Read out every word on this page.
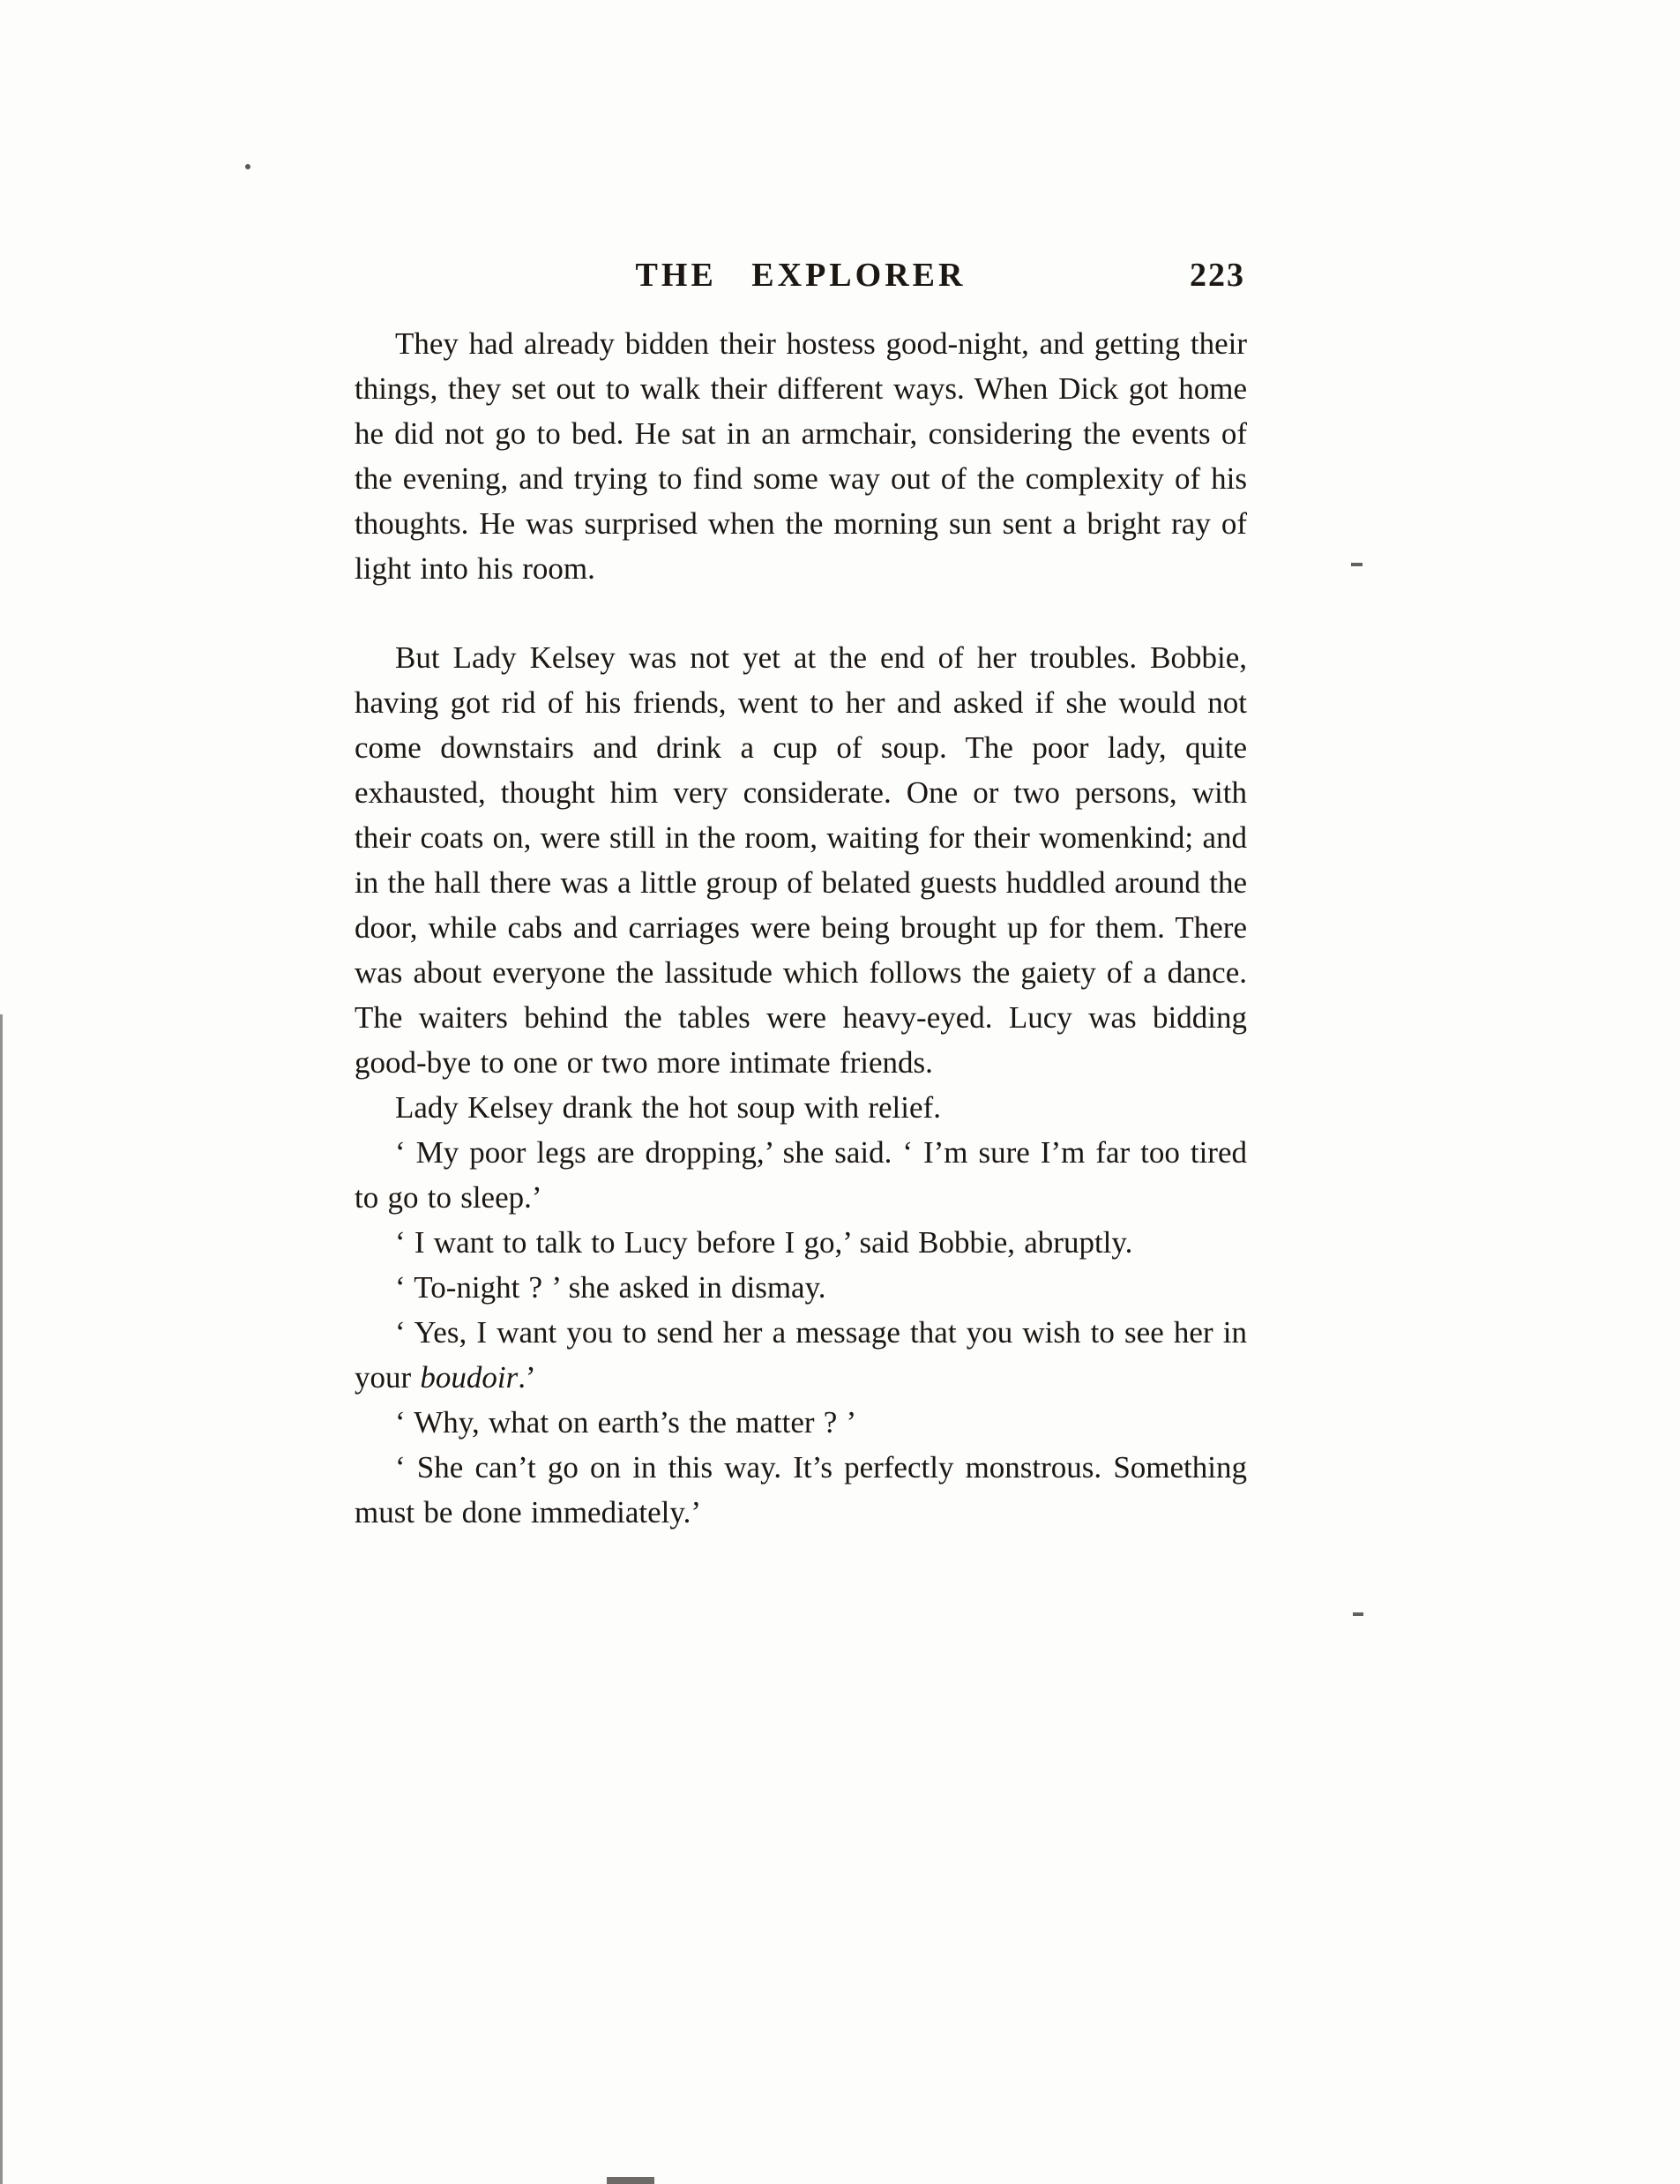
THE EXPLORER	223

They had already bidden their hostess good-night, and getting their things, they set out to walk their different ways. When Dick got home he did not go to bed. He sat in an armchair, considering the events of the evening, and trying to find some way out of the complexity of his thoughts. He was surprised when the morning sun sent a bright ray of light into his room.

But Lady Kelsey was not yet at the end of her troubles. Bobbie, having got rid of his friends, went to her and asked if she would not come downstairs and drink a cup of soup. The poor lady, quite exhausted, thought him very considerate. One or two persons, with their coats on, were still in the room, waiting for their womenkind; and in the hall there was a little group of belated guests huddled around the door, while cabs and carriages were being brought up for them. There was about everyone the lassitude which follows the gaiety of a dance. The waiters behind the tables were heavy-eyed. Lucy was bidding good-bye to one or two more intimate friends.

Lady Kelsey drank the hot soup with relief.

‘ My poor legs are dropping,’ she said. ‘ I’m sure I’m far too tired to go to sleep.’

‘ I want to talk to Lucy before I go,’ said Bobbie, abruptly.

‘ To-night ? ’ she asked in dismay.

‘ Yes, I want you to send her a message that you wish to see her in your boudoir.’

‘ Why, what on earth’s the matter ? ’

‘ She can’t go on in this way. It’s perfectly monstrous. Something must be done immediately.’
